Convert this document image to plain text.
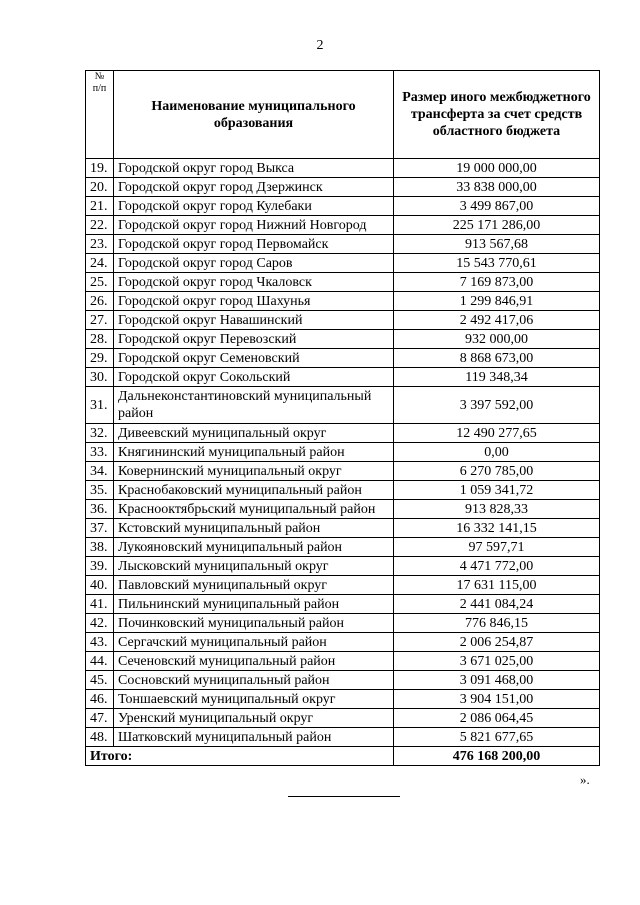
2
№
п/п	Наименование муниципального образования	Размер иного межбюджетного трансферта за счет средств областного бюджета
19.	Городской округ город Выкса	19 000 000,00
20.	Городской округ город Дзержинск	33 838 000,00
21.	Городской округ город Кулебаки	3 499 867,00
22.	Городской округ город Нижний Новгород	225 171 286,00
23.	Городской округ город Первомайск	913 567,68
24.	Городской округ город Саров	15 543 770,61
25.	Городской округ город Чкаловск	7 169 873,00
26.	Городской округ город Шахунья	1 299 846,91
27.	Городской округ Навашинский	2 492 417,06
28.	Городской округ Перевозский	932 000,00
29.	Городской округ Семеновский	8 868 673,00
30.	Городской округ Сокольский	119 348,34
31.	Дальнеконстантиновский муниципальный район	3 397 592,00
32.	Дивеевский муниципальный округ	12 490 277,65
33.	Княгининский муниципальный район	0,00
34.	Ковернинский муниципальный округ	6 270 785,00
35.	Краснобаковский муниципальный район	1 059 341,72
36.	Краснооктябрьский муниципальный район	913 828,33
37.	Кстовский муниципальный район	16 332 141,15
38.	Лукояновский муниципальный район	97 597,71
39.	Лысковский муниципальный округ	4 471 772,00
40.	Павловский муниципальный округ	17 631 115,00
41.	Пильнинский муниципальный район	2 441 084,24
42.	Починковский муниципальный район	776 846,15
43.	Сергачский муниципальный район	2 006 254,87
44.	Сеченовский муниципальный район	3 671 025,00
45.	Сосновский муниципальный район	3 091 468,00
46.	Тоншаевский муниципальный округ	3 904 151,00
47.	Уренский муниципальный округ	2 086 064,45
48.	Шатковский муниципальный район	5 821 677,65
Итого:		476 168 200,00
».
